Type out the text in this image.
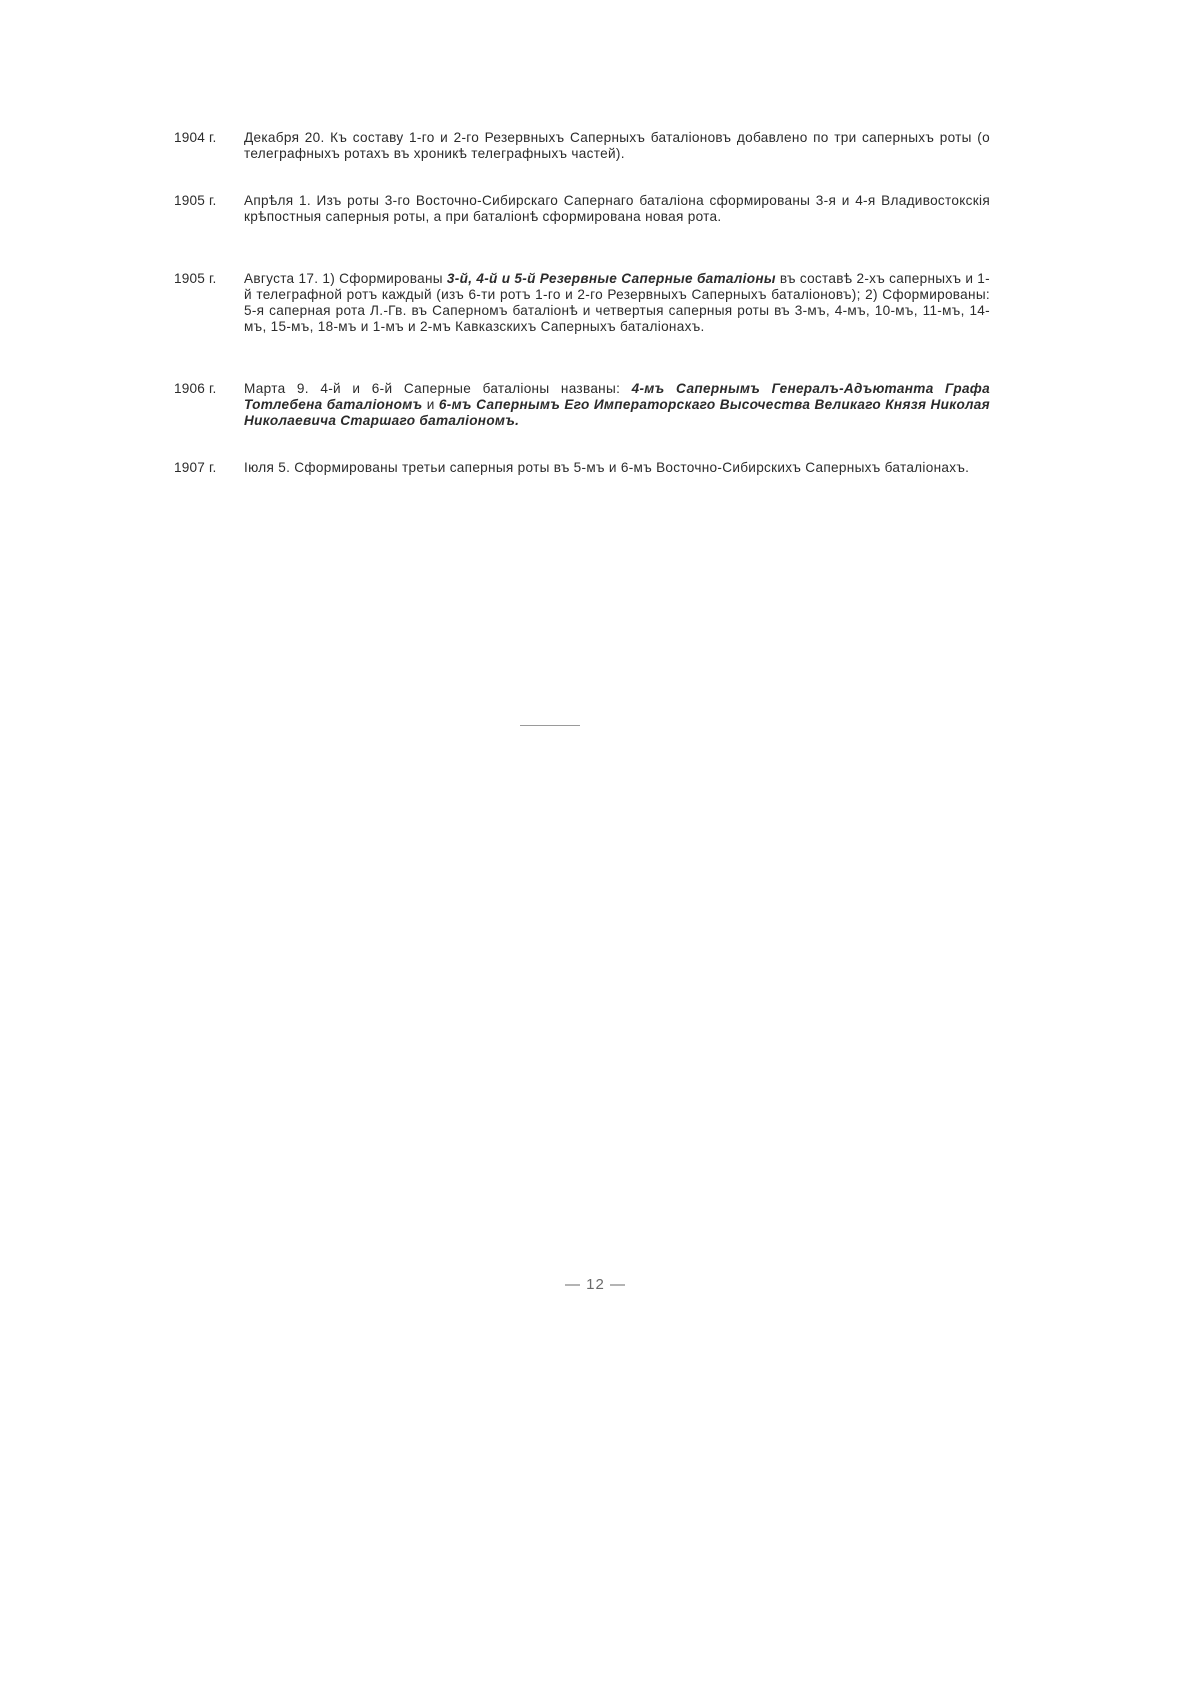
1904 г.	Декабря 20. Къ составу 1-го и 2-го Резервныхъ Саперныхъ баталіоновъ добавлено по три саперныхъ роты (о телеграфныхъ ротахъ въ хроникѣ телеграфныхъ частей).
1905 г.	Апрѣля 1. Изъ роты 3-го Восточно-Сибирскаго Сапернаго баталіона сформированы 3-я и 4-я Владивостокскія крѣпостныя саперныя роты, а при баталіонѣ сформирована новая рота.
1905 г.	Августа 17. 1) Сформированы 3-й, 4-й и 5-й Резервные Саперные баталіоны въ составѣ 2-хъ саперныхъ и 1-й телеграфной ротъ каждый (изъ 6-ти ротъ 1-го и 2-го Резервныхъ Саперныхъ баталіоновъ); 2) Сформированы: 5-я саперная рота Л.-Гв. въ Саперномъ баталіонѣ и четвертыя саперныя роты въ 3-мъ, 4-мъ, 10-мъ, 11-мъ, 14-мъ, 15-мъ, 18-мъ и 1-мъ и 2-мъ Кавказскихъ Саперныхъ баталіонахъ.
1906 г.	Марта 9. 4-й и 6-й Саперные баталіоны названы: 4-мъ Сапернымъ Генералъ-Адъютанта Графа Тотлебена баталіономъ и 6-мъ Сапернымъ Его Императорскаго Высочества Великаго Князя Николая Николаевича Старшаго баталіономъ.
1907 г.	Іюля 5. Сформированы третьи саперныя роты въ 5-мъ и 6-мъ Восточно-Сибирскихъ Саперныхъ баталіонахъ.
— 12 —
